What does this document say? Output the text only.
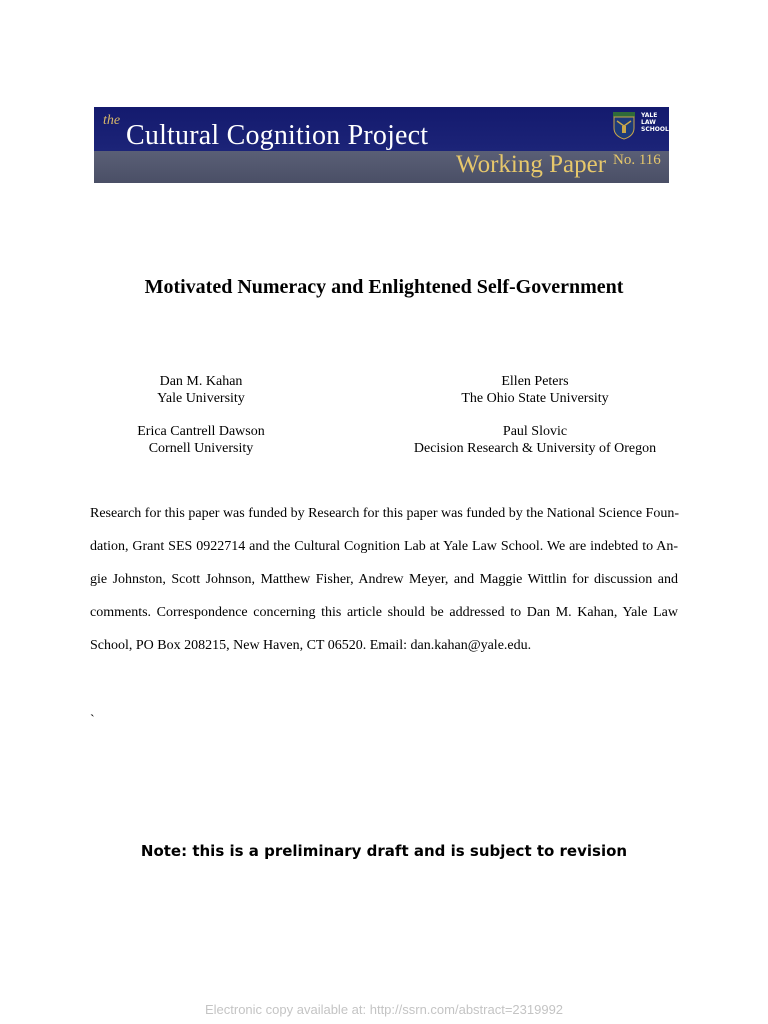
the Cultural Cognition Project
YALE
LAW
SCHOOL
Working Paper No. 116
Motivated Numeracy and Enlightened Self-Government
Dan M. Kahan
Yale University
Ellen Peters
The Ohio State University
Erica Cantrell Dawson
Cornell University
Paul Slovic
Decision Research & University of Oregon
Research for this paper was funded by Research for this paper was funded by the National Science Foun-
dation, Grant SES 0922714 and the Cultural Cognition Lab at Yale Law School. We are indebted to An-
gie Johnston, Scott Johnson, Matthew Fisher, Andrew Meyer, and Maggie Wittlin for discussion and
comments. Correspondence concerning this article should be addressed to Dan M. Kahan, Yale Law
School, PO Box 208215, New Haven, CT 06520. Email: dan.kahan@yale.edu.
`
Note: this is a preliminary draft and is subject to revision
Electronic copy available at: http://ssrn.com/abstract=2319992
